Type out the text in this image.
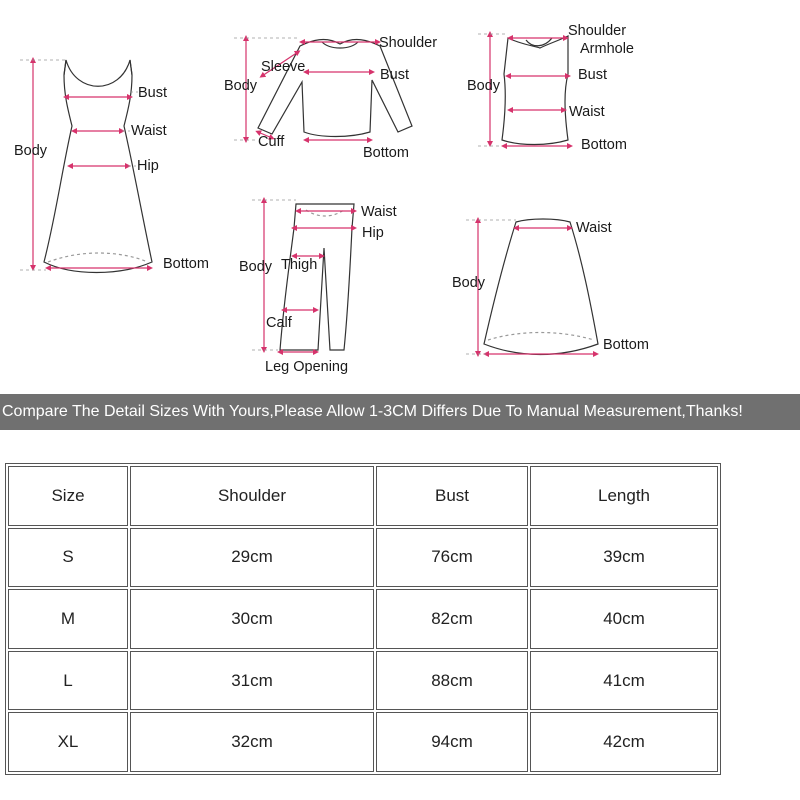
Bust
Waist
Hip
Body
Bottom
Shoulder
Sleeve
Body
Bust
Cuff
Bottom
Shoulder
Armhole
Body
Bust
Waist
Bottom
Waist
Hip
Body Thigh
Calf
Leg Opening
Waist
Body
Bottom
Compare The Detail Sizes With Yours,Please Allow 1-3CM Differs Due To Manual Measurement,Thanks!
Size	Shoulder	Bust	Length
S	29cm	76cm	39cm
M	30cm	82cm	40cm
L	31cm	88cm	41cm
XL	32cm	94cm	42cm
